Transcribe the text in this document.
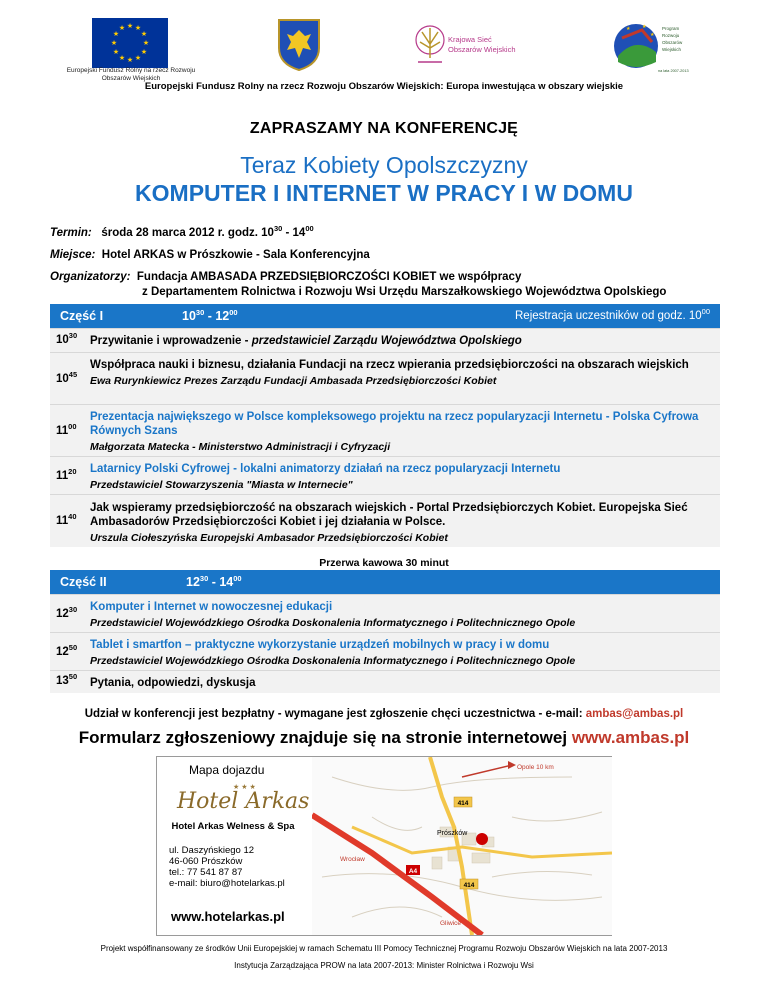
★ ★
★
★
★
★
★
★
★
★
★
★
Europejski Fundusz Rolny na rzecz Rozwoju Obszarów Wiejskich
Krajowa Sieć
Obszarów Wiejskich
★ ★
★
Program
Rozwoju
Obszarów
Wiejskich
na lata 2007-2013
Europejski Fundusz Rolny na rzecz Rozwoju Obszarów Wiejskich: Europa inwestująca w obszary wiejskie
ZAPRASZAMY NA KONFERENCJĘ
Teraz Kobiety Opolszczyzny
KOMPUTER I INTERNET W PRACY I W DOMU
Termin: środa 28 marca 2012 r. godz. $10^{30} - 14^{00}$
Miejsce: Hotel ARKAS w Prószkowie - Sala Konferencyjna
Organizatorzy: Fundacja AMBASADA PRZEDSIĘBIORCZOŚCI KOBIET we współpracy
z Departamentem Rolnictwa i Rozwoju Wsi Urzędu Marszałkowskiego Województwa Opolskiego
Część I	$10^{30} - 12^{00}$	Rejestracja uczestników od godz. $10^{00}$
$10^{30}$ Przywitanie i wprowadzenie - przedstawiciel Zarządu Województwa Opolskiego
$10^{45}$
Współpraca nauki i biznesu, działania Fundacji na rzecz wpierania przedsiębiorczości na obszarach wiejskich
Ewa Rurynkiewicz Prezes Zarządu Fundacji Ambasada Przedsiębiorczości Kobiet
$11^{00}$
Prezentacja największego w Polsce kompleksowego projektu na rzecz popularyzacji Internetu - Polska Cyfrowa Równych Szans
Małgorzata Matecka - Ministerstwo Administracji i Cyfryzacji
$11^{20}$ Latarnicy Polski Cyfrowej - lokalni animatorzy działań na rzecz popularyzacji Internetu
Przedstawiciel Stowarzyszenia "Miasta w Internecie"
$11^{40}$
Jak wspieramy przedsiębiorczość na obszarach wiejskich - Portal Przedsiębiorczych Kobiet. Europejska Sieć Ambasadorów Przedsiębiorczości Kobiet i jej działania w Polsce.
Urszula Ciołeszyńska Europejski Ambasador Przedsiębiorczości Kobiet
Przerwa kawowa 30 minut
Część II	$12^{30} - 14^{00}$
$12^{30}$ Komputer i Internet w nowoczesnej edukacji
Przedstawiciel Wojewódzkiego Ośrodka Doskonalenia Informatycznego i Politechnicznego Opole
$12^{50}$ Tablet i smartfon – praktyczne wykorzystanie urządzeń mobilnych w pracy i w domu
Przedstawiciel Wojewódzkiego Ośrodka Doskonalenia Informatycznego i Politechnicznego Opole
$13^{50}$
Pytania, odpowiedzi, dyskusja
Udział w konferencji jest bezpłatny - wymagane jest zgłoszenie chęci uczestnictwa - e-mail: ambas@ambas.pl
Formularz zgłoszeniowy znajduje się na stronie internetowej www.ambas.pl
Mapa dojazdu
★★★
Hotel Arkas
Hotel Arkas Welness & Spa
ul. Daszyńskiego 12
46-060 Prószków
tel.: 77 541 87 87
e-mail: biuro@hotelarkas.pl
www.hotelarkas.pl
414
Opole 10 km
Prószków
Wrocław
A4
414
Gliwice
Projekt współfinansowany ze środków Unii Europejskiej w ramach Schematu III Pomocy Technicznej Programu Rozwoju Obszarów Wiejskich na lata 2007-2013
Instytucja Zarządzająca PROW na lata 2007-2013: Minister Rolnictwa i Rozwoju Wsi
